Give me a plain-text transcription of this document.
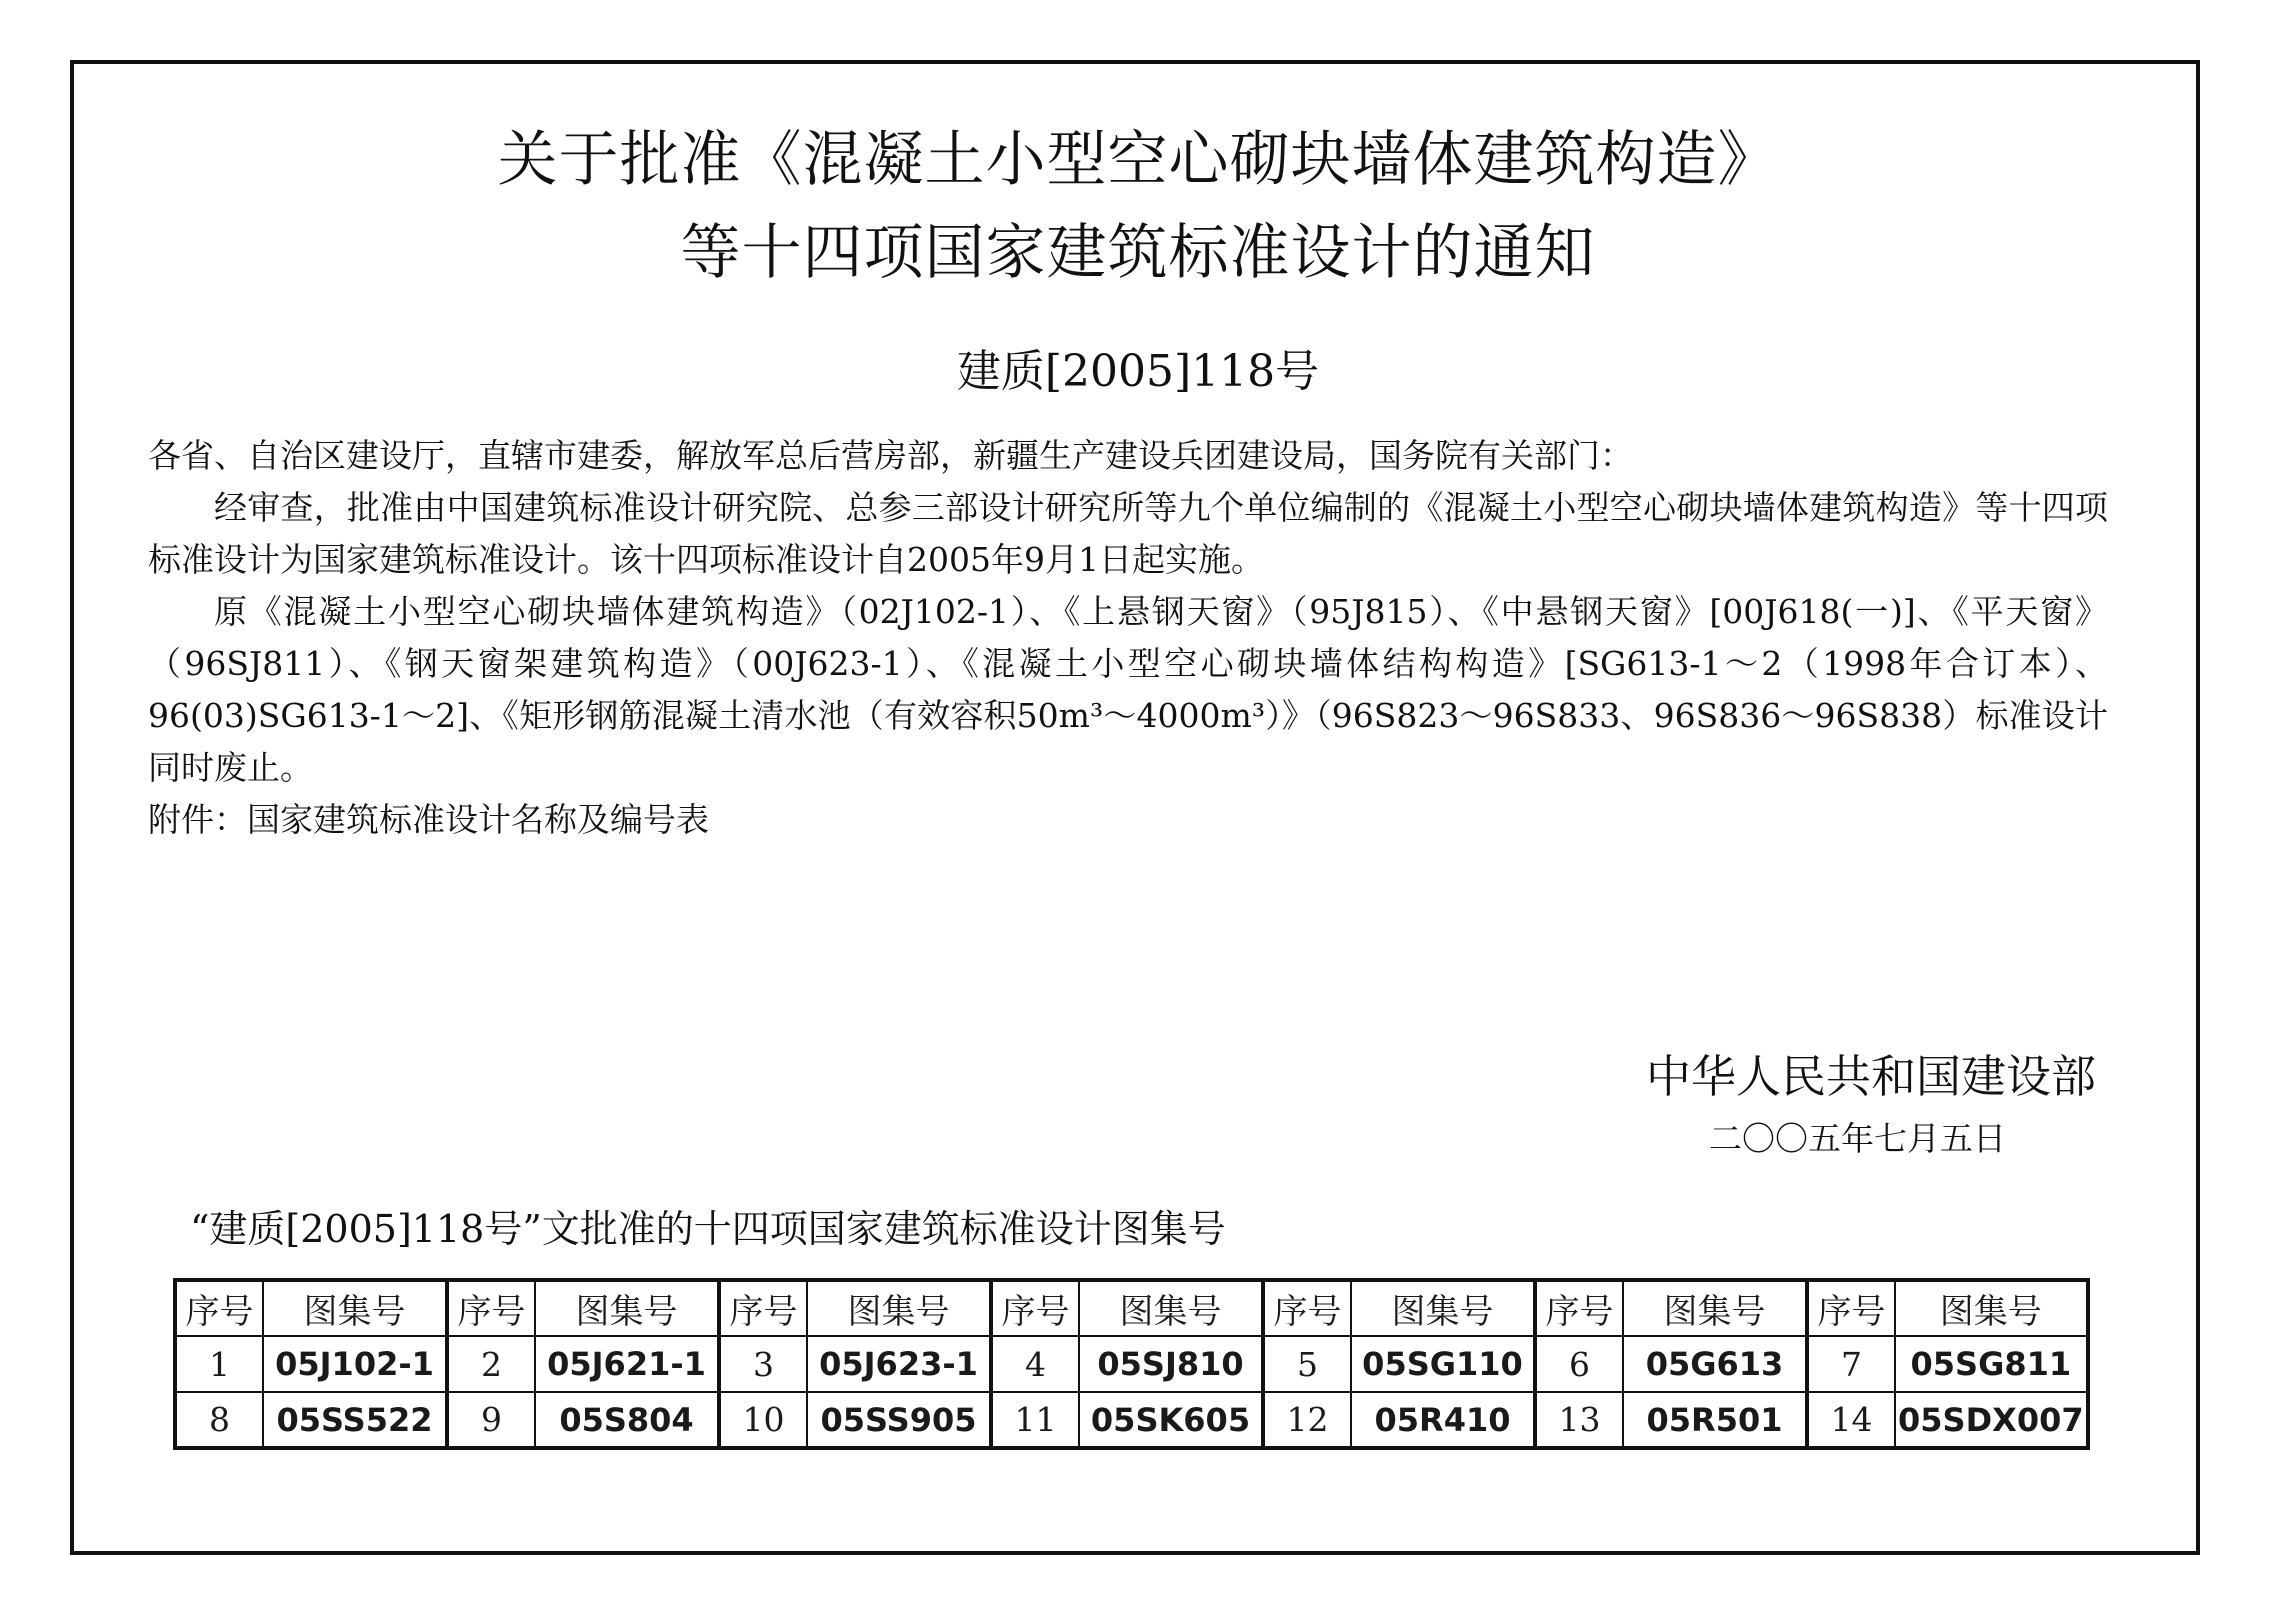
关于批准《混凝土小型空心砌块墙体建筑构造》
等十四项国家建筑标准设计的通知
建质[2005]118号

各省、自治区建设厅，直辖市建委，解放军总后营房部，新疆生产建设兵团建设局，国务院有关部门：

经审查，批准由中国建筑标准设计研究院、总参三部设计研究所等九个单位编制的《混凝土小型空心砌块墙体建筑构造》等十四项标准设计为国家建筑标准设计。该十四项标准设计自2005年9月1日起实施。

原《混凝土小型空心砌块墙体建筑构造》（02J102-1）、《上悬钢天窗》（95J815）、《中悬钢天窗》[00J618(一)]、《平天窗》（96SJ811）、《钢天窗架建筑构造》（00J623-1）、《混凝土小型空心砌块墙体结构构造》[SG613-1～2（1998年合订本）、96(03)SG613-1～2]、《矩形钢筋混凝土清水池（有效容积50m³～4000m³）》（96S823～96S833、96S836～96S838）标准设计同时废止。

附件：国家建筑标准设计名称及编号表

中华人民共和国建设部
二〇〇五年七月五日
“建质[2005]118号”文批准的十四项国家建筑标准设计图集号
序号	图集号	序号	图集号	序号	图集号	序号	图集号	序号	图集号	序号	图集号	序号	图集号
1	05J102-1	2	05J621-1	3	05J623-1	4	05SJ810	5	05SG110	6	05G613	7	05SG811
8	05SS522	9	05S804	10	05SS905	11	05SK605	12	05R410	13	05R501	14	05SDX007
